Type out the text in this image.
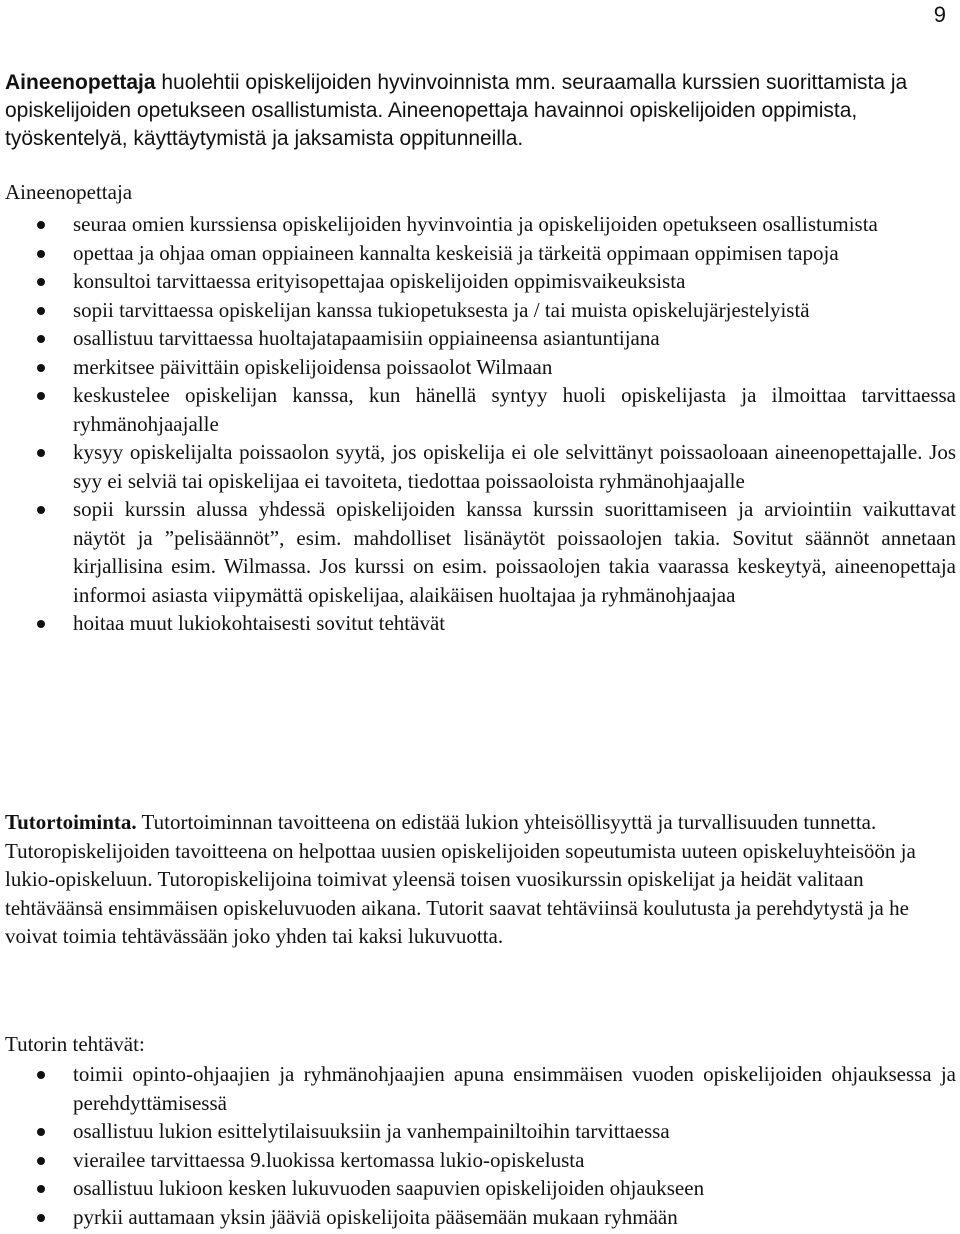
9

Aineenopettaja huolehtii opiskelijoiden hyvinvoinnista mm. seuraamalla kurssien suorittamista ja opiskelijoiden opetukseen osallistumista. Aineenopettaja havainnoi opiskelijoiden oppimista, työskentelyä, käyttäytymistä ja jaksamista oppitunneilla.

Aineenopettaja

seuraa omien kurssiensa opiskelijoiden hyvinvointia ja opiskelijoiden opetukseen osallistumista
opettaa ja ohjaa oman oppiaineen kannalta keskeisiä ja tärkeitä oppimaan oppimisen tapoja
konsultoi tarvittaessa erityisopettajaa opiskelijoiden oppimisvaikeuksista
sopii tarvittaessa opiskelijan kanssa tukiopetuksesta ja / tai muista opiskelujärjestelyistä
osallistuu tarvittaessa huoltajatapaamisiin oppiaineensa asiantuntijana
merkitsee päivittäin opiskelijoidensa poissaolot Wilmaan
keskustelee opiskelijan kanssa, kun hänellä syntyy huoli opiskelijasta ja ilmoittaa tarvittaessa ryhmänohjaajalle
kysyy opiskelijalta poissaolon syytä, jos opiskelija ei ole selvittänyt poissaoloaan aineenopettajalle. Jos syy ei selviä tai opiskelijaa ei tavoiteta, tiedottaa poissaoloista ryhmänohjaajalle
sopii kurssin alussa yhdessä opiskelijoiden kanssa kurssin suorittamiseen ja arviointiin vaikuttavat näytöt ja ”pelisäännöt”, esim. mahdolliset lisänäytöt poissaolojen takia. Sovitut säännöt annetaan kirjallisina esim. Wilmassa. Jos kurssi on esim. poissaolojen takia vaarassa keskeytyä, aineenopettaja informoi asiasta viipymättä opiskelijaa, alaikäisen huoltajaa ja ryhmänohjaajaa
hoitaa muut lukiokohtaisesti sovitut tehtävät

Tutortoiminta. Tutortoiminnan tavoitteena on edistää lukion yhteisöllisyyttä ja turvallisuuden tunnetta. Tutoropiskelijoiden tavoitteena on helpottaa uusien opiskelijoiden sopeutumista uuteen opiskeluyhteisöön ja lukio-opiskeluun. Tutoropiskelijoina toimivat yleensä toisen vuosikurssin opiskelijat ja heidät valitaan tehtäväänsä ensimmäisen opiskeluvuoden aikana. Tutorit saavat tehtäviinsä koulutusta ja perehdytystä ja he voivat toimia tehtävässään joko yhden tai kaksi lukuvuotta.

Tutorin tehtävät:

toimii opinto-ohjaajien ja ryhmänohjaajien apuna ensimmäisen vuoden opiskelijoiden ohjauksessa ja perehdyttämisessä
osallistuu lukion esittelytilaisuuksiin ja vanhempainiltoihin tarvittaessa
vierailee tarvittaessa 9.luokissa kertomassa lukio-opiskelusta
osallistuu lukioon kesken lukuvuoden saapuvien opiskelijoiden ohjaukseen
pyrkii auttamaan yksin jääviä opiskelijoita pääsemään mukaan ryhmään
